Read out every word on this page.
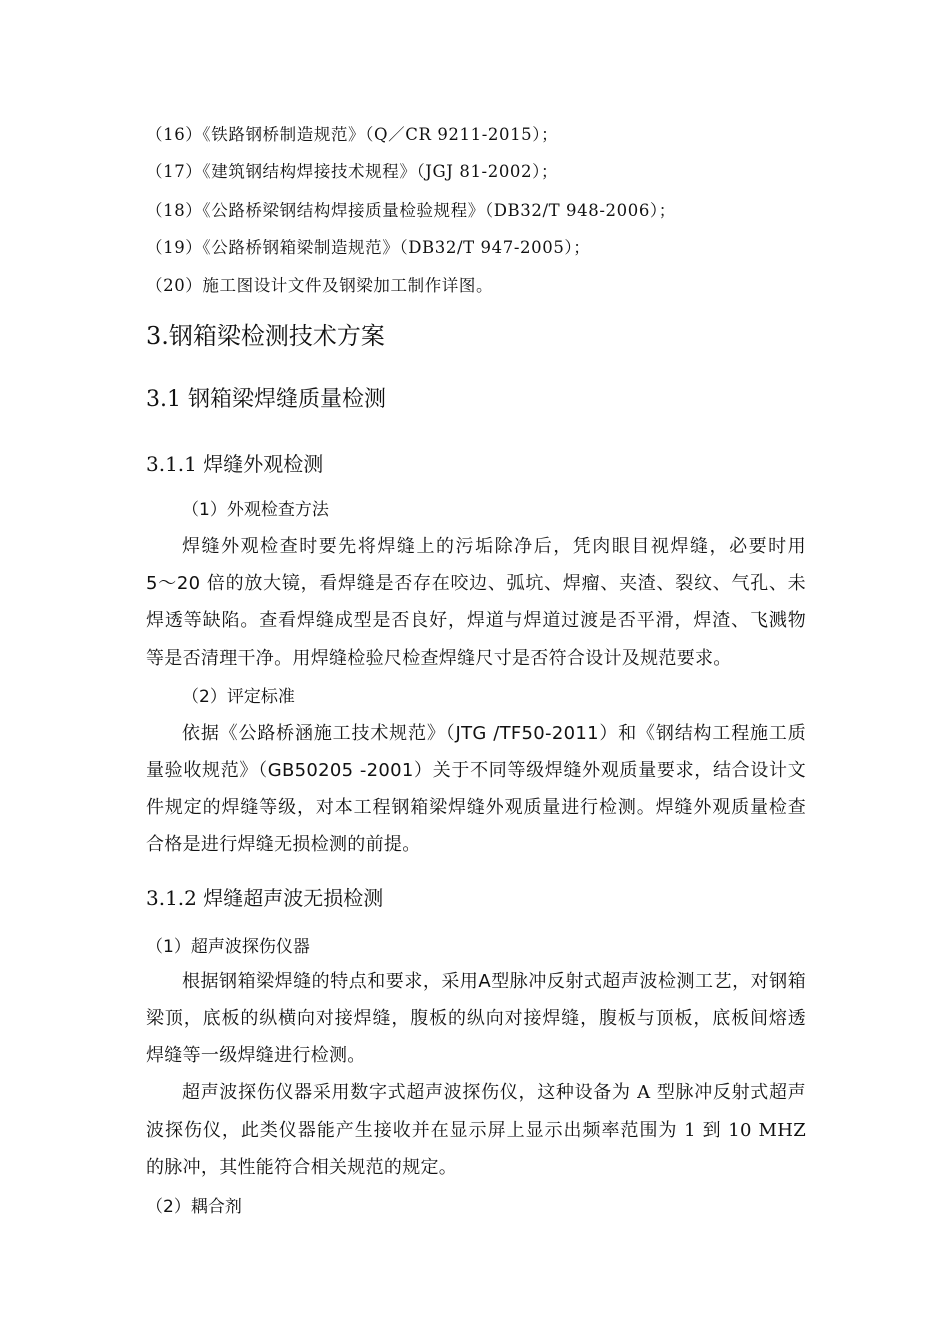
（16）《铁路钢桥制造规范》（Q／CR 9211-2015）；
（17）《建筑钢结构焊接技术规程》（JGJ 81-2002）；
（18）《公路桥梁钢结构焊接质量检验规程》（DB32/T 948-2006）；
（19）《公路桥钢箱梁制造规范》（DB32/T 947-2005）；
（20）施工图设计文件及钢梁加工制作详图。
3.钢箱梁检测技术方案
3.1 钢箱梁焊缝质量检测
3.1.1 焊缝外观检测
（1）外观检查方法
焊缝外观检查时要先将焊缝上的污垢除净后，凭肉眼目视焊缝，必要时用
5～20 倍的放大镜，看焊缝是否存在咬边、弧坑、焊瘤、夹渣、裂纹、气孔、未
焊透等缺陷。查看焊缝成型是否良好，焊道与焊道过渡是否平滑，焊渣、飞溅物
等是否清理干净。用焊缝检验尺检查焊缝尺寸是否符合设计及规范要求。
（2）评定标准
依据《公路桥涵施工技术规范》（JTG /TF50-2011）和《钢结构工程施工质
量验收规范》（GB50205 -2001）关于不同等级焊缝外观质量要求，结合设计文
件规定的焊缝等级，对本工程钢箱梁焊缝外观质量进行检测。焊缝外观质量检查
合格是进行焊缝无损检测的前提。
3.1.2 焊缝超声波无损检测
（1）超声波探伤仪器
根据钢箱梁焊缝的特点和要求，采用A型脉冲反射式超声波检测工艺，对钢箱
梁顶，底板的纵横向对接焊缝，腹板的纵向对接焊缝，腹板与顶板，底板间熔透
焊缝等一级焊缝进行检测。
超声波探伤仪器采用数字式超声波探伤仪，这种设备为 A 型脉冲反射式超声
波探伤仪，此类仪器能产生接收并在显示屏上显示出频率范围为 1 到 10 MHZ
的脉冲，其性能符合相关规范的规定。
（2）耦合剂
